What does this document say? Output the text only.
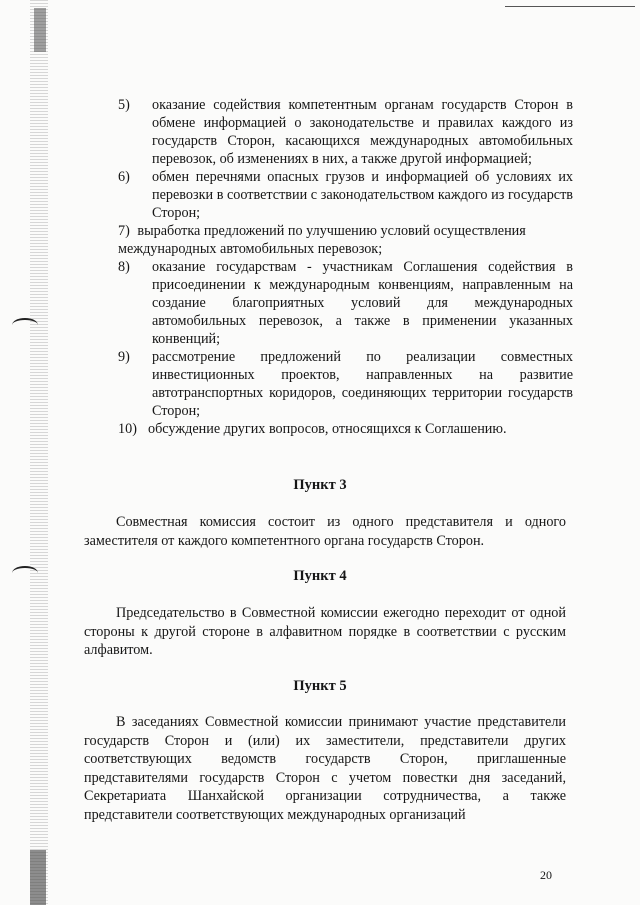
5)	оказание содействия компетентным органам государств Сторон в обмене информацией о законодательстве и правилах каждого из государств Сторон, касающихся международных автомобильных перевозок, об изменениях в них, а также другой информацией;
6)	обмен перечнями опасных грузов и информацией об условиях их перевозки в соответствии с законодательством каждого из государств Сторон;
7) выработка предложений по улучшению условий осуществления международных автомобильных перевозок;
8)	оказание государствам - участникам Соглашения содействия в присоединении к международным конвенциям, направленным на создание благоприятных условий для международных автомобильных перевозок, а также в применении указанных конвенций;
9)	рассмотрение предложений по реализации совместных инвестиционных проектов, направленных на развитие автотранспортных коридоров, соединяющих территории государств Сторон;
10) обсуждение других вопросов, относящихся к Соглашению.
Пункт 3

Совместная комиссия состоит из одного представителя и одного заместителя от каждого компетентного органа государств Сторон.

Пункт 4

Председательство в Совместной комиссии ежегодно переходит от одной стороны к другой стороне в алфавитном порядке в соответствии с русским алфавитом.

Пункт 5

В заседаниях Совместной комиссии принимают участие представители государств Сторон и (или) их заместители, представители других соответствующих ведомств государств Сторон, приглашенные представителями государств Сторон с учетом повестки дня заседаний, Секретариата Шанхайской организации сотрудничества, а также представители соответствующих международных организаций

20
